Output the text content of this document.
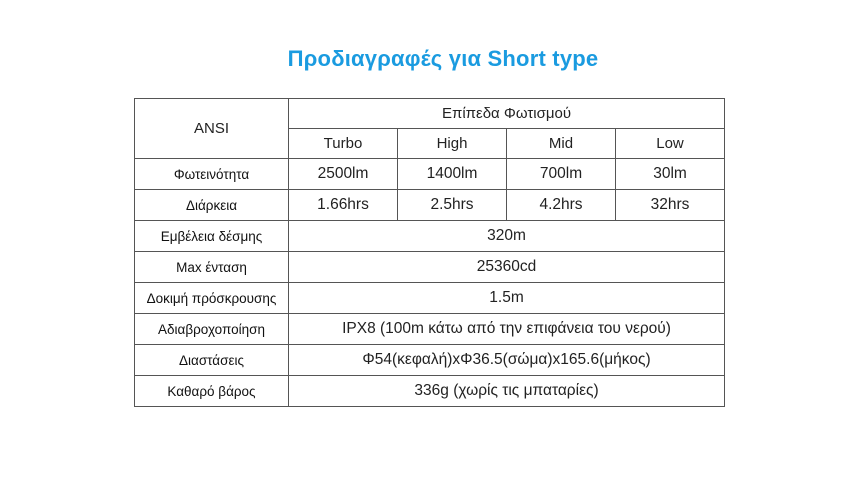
Προδιαγραφές για Short type
ANSI	Επίπεδα Φωτισμού			
	Turbo	High	Mid	Low
Φωτεινότητα	2500lm	1400lm	700lm	30lm
Διάρκεια	1.66hrs	2.5hrs	4.2hrs	32hrs
Εμβέλεια δέσμης	320m			
Max ένταση	25360cd			
Δοκιμή πρόσκρουσης	1.5m			
Αδιαβροχοποίηση	IPX8 (100m κάτω από την επιφάνεια του νερού)			
Διαστάσεις	Φ54(κεφαλή)xΦ36.5(σώμα)x165.6(μήκος)			
Καθαρό βάρος	336g (χωρίς τις μπαταρίες)			
